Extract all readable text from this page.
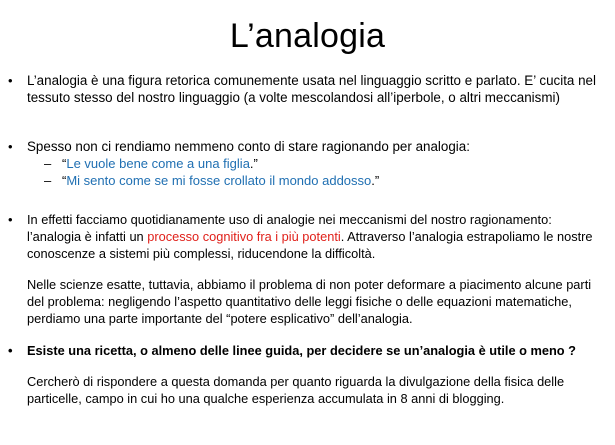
L’analogia
• L’analogia è una figura retorica comunemente usata nel linguaggio scritto e parlato. E’ cucita nel tessuto stesso del nostro linguaggio (a volte mescolandosi all’iperbole, o altri meccanismi)
• Spesso non ci rendiamo nemmeno conto di stare ragionando per analogia:
– “Le vuole bene come a una figlia.”
– “Mi sento come se mi fosse crollato il mondo addosso.”
• In effetti facciamo quotidianamente uso di analogie nei meccanismi del nostro ragionamento: l’analogia è infatti un processo cognitivo fra i più potenti. Attraverso l’analogia estrapoliamo le nostre conoscenze a sistemi più complessi, riducendone la difficoltà.
Nelle scienze esatte, tuttavia, abbiamo il problema di non poter deformare a piacimento alcune parti del problema: negligendo l’aspetto quantitativo delle leggi fisiche o delle equazioni matematiche, perdiamo una parte importante del “potere esplicativo” dell’analogia.
• Esiste una ricetta, o almeno delle linee guida, per decidere se un’analogia è utile o meno ?
Cercherò di rispondere a questa domanda per quanto riguarda la divulgazione della fisica delle particelle, campo in cui ho una qualche esperienza accumulata in 8 anni di blogging.
